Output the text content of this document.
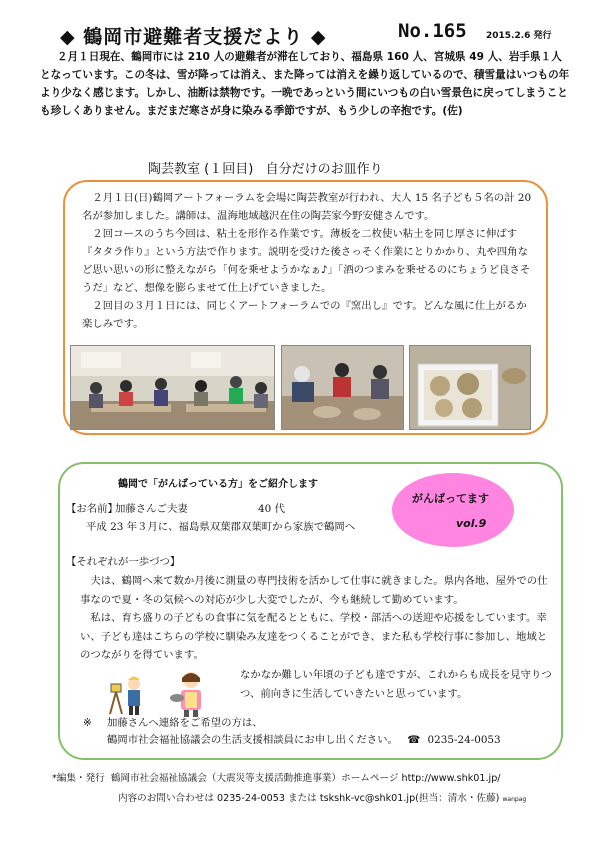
◆ 鶴岡市避難者支援だより ◆	No.165 2015.2.6 発行
２月１日現在、鶴岡市には 210 人の避難者が滞在しており、福島県 160 人、宮城県 49 人、岩手県１人となっています。この冬は、雪が降っては消え、また降っては消えを繰り返しているので、積雪量はいつもの年より少なく感じます。しかし、油断は禁物です。一晩であっという間にいつもの白い雪景色に戻ってしまうことも珍しくありません。まだまだ寒さが身に染みる季節ですが、もう少しの辛抱です。(佐)
陶芸教室 (１回目)   自分だけのお皿作り

２月１日(日)鶴岡アートフォーラムを会場に陶芸教室が行われ、大人 15 名子ども５名の計 20 名が参加しました。講師は、温海地域越沢在住の陶芸家今野安健さんです。

２回コースのうち今回は、粘土を形作る作業です。薄板を二枚使い粘土を同じ厚さに伸ばす『タタラ作り』という方法で作ります。説明を受けた後さっそく作業にとりかかり、丸や四角など思い思いの形に整えながら「何を乗せようかなぁ♪」「酒のつまみを乗せるのにちょうど良さそうだ」など、想像を膨らませて仕上げていきました。

２回目の３月１日には、同じくアートフォーラムでの『窯出し』です。どんな風に仕上がるか楽しみです。

鶴岡で「がんばっている方」をご紹介します
がんばってます
vol.9
【お名前】
加藤さんご夫妻	40 代
平成 23 年３月に、福島県双葉郡双葉町から家族で鶴岡へ
【それぞれが一歩づつ】

夫は、鶴岡へ来て数か月後に測量の専門技術を活かして仕事に就きました。県内各地、屋外での仕事なので夏・冬の気候への対応が少し大変でしたが、今も継続して勤めています。

私は、育ち盛りの子どもの食事に気を配るとともに、学校・部活への送迎や応援をしています。幸い、子ども達はこちらの学校に馴染み友達をつくることができ、また私も学校行事に参加し、地域とのつながりを得ています。

なかなか難しい年頃の子ども達ですが、これからも成長を見守りつつ、前向きに生活していきたいと思っています。
※	加藤さんへ連絡をご希望の方は、
鶴岡市社会福祉協議会の生活支援相談員にお申し出ください。 ☎ 0235-24-0053
*編集・発行  鶴岡市社会福祉協議会（大震災等支援活動推進事業）ホームページ http://www.shk01.jp/
内容のお問い合わせは 0235-24-0053 または tskshk-vc@shk01.jp(担当：清水・佐藤) wanpag
